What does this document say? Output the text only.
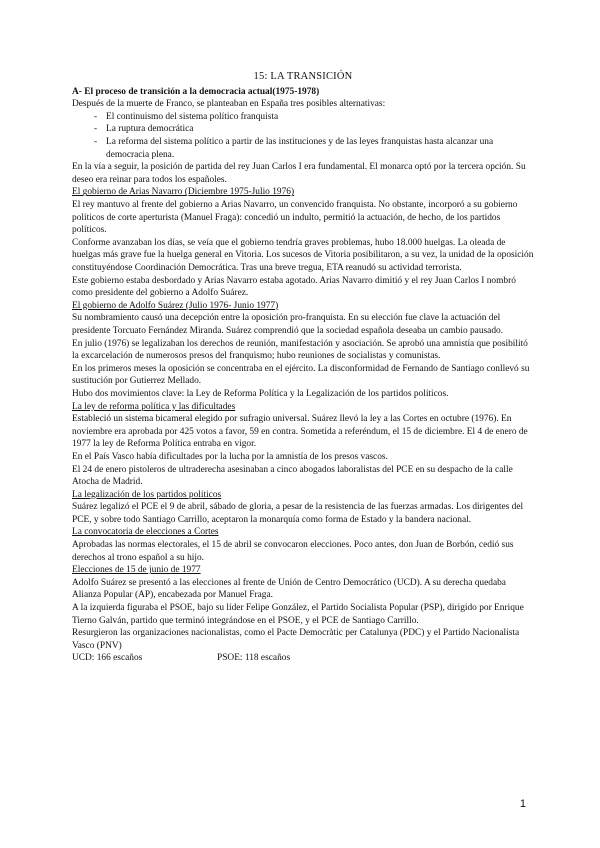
15: LA TRANSICIÓN
A- El proceso de transición a la democracia actual(1975-1978)

Después de la muerte de Franco, se planteaban en España tres posibles alternativas:

- El continuismo del sistema político franquista
- La ruptura democrática
- La reforma del sistema político a partir de las instituciones y de las leyes franquistas hasta alcanzar una democracia plena.

En la vía a seguir, la posición de partida del rey Juan Carlos I era fundamental. El monarca optó por la tercera opción. Su deseo era reinar para todos los españoles.

El gobierno de Arias Navarro (Diciembre 1975-Julio 1976)

El rey mantuvo al frente del gobierno a Arias Navarro, un convencido franquista. No obstante, incorporó a su gobierno políticos de corte aperturista (Manuel Fraga): concedió un indulto, permitió la actuación, de hecho, de los partidos políticos.

Conforme avanzaban los días, se veía que el gobierno tendría graves problemas, hubo 18.000 huelgas. La oleada de huelgas más grave fue la huelga general en Vitoria. Los sucesos de Vitoria posibilitaron, a su vez, la unidad de la oposición constituyéndose Coordinación Democrática. Tras una breve tregua, ETA reanudó su actividad terrorista.

Este gobierno estaba desbordado y Arias Navarro estaba agotado. Arias Navarro dimitió y el rey Juan Carlos I nombró como presidente del gobierno a Adolfo Suárez.

El gobierno de Adolfo Suárez (Julio 1976- Junio 1977)

Su nombramiento causó una decepción entre la oposición pro-franquista. En su elección fue clave la actuación del presidente Torcuato Fernández Miranda. Suárez comprendió que la sociedad española deseaba un cambio pausado.

En julio (1976) se legalizaban los derechos de reunión, manifestación y asociación. Se aprobó una amnistía que posibilitó la excarcelación de numerosos presos del franquismo; hubo reuniones de socialistas y comunistas.

En los primeros meses la oposición se concentraba en el ejército. La disconformidad de Fernando de Santiago conllevó su sustitución por Gutierrez Mellado.

Hubo dos movimientos clave: la Ley de Reforma Política y la Legalización de los partidos políticos.

La ley de reforma política y las dificultades

Estableció un sistema bicameral elegido por sufragio universal. Suárez llevó la ley a las Cortes en octubre (1976). En noviembre era aprobada por 425 votos a favor, 59 en contra. Sometida a referéndum, el 15 de diciembre. El 4 de enero de 1977 la ley de Reforma Política entraba en vigor.

En el País Vasco había dificultades por la lucha por la amnistía de los presos vascos.

El 24 de enero pistoleros de ultraderecha asesinaban a cinco abogados laboralistas del PCE en su despacho de la calle Atocha de Madrid.

La legalización de los partidos políticos

Suárez legalizó el PCE el 9 de abril, sábado de gloria, a pesar de la resistencia de las fuerzas armadas. Los dirigentes del PCE, y sobre todo Santiago Carrillo, aceptaron la monarquía como forma de Estado y la bandera nacional.

La convocatoria de elecciones a Cortes

Aprobadas las normas electorales, el 15 de abril se convocaron elecciones. Poco antes, don Juan de Borbón, cedió sus derechos al trono español a su hijo.

Elecciones de 15 de junio de 1977

Adolfo Suárez se presentó a las elecciones al frente de Unión de Centro Democrático (UCD). A su derecha quedaba Alianza Popular (AP), encabezada por Manuel Fraga.

A la izquierda figuraba el PSOE, bajo su líder Felipe González, el Partido Socialista Popular (PSP), dirigido por Enrique Tierno Galván, partido que terminó integrándose en el PSOE, y el PCE de Santiago Carrillo.

Resurgieron las organizaciones nacionalistas, como el Pacte Democràtic per Catalunya (PDC) y el Partido Nacionalista Vasco (PNV)

UCD: 166 escaños	PSOE: 118 escaños
1
